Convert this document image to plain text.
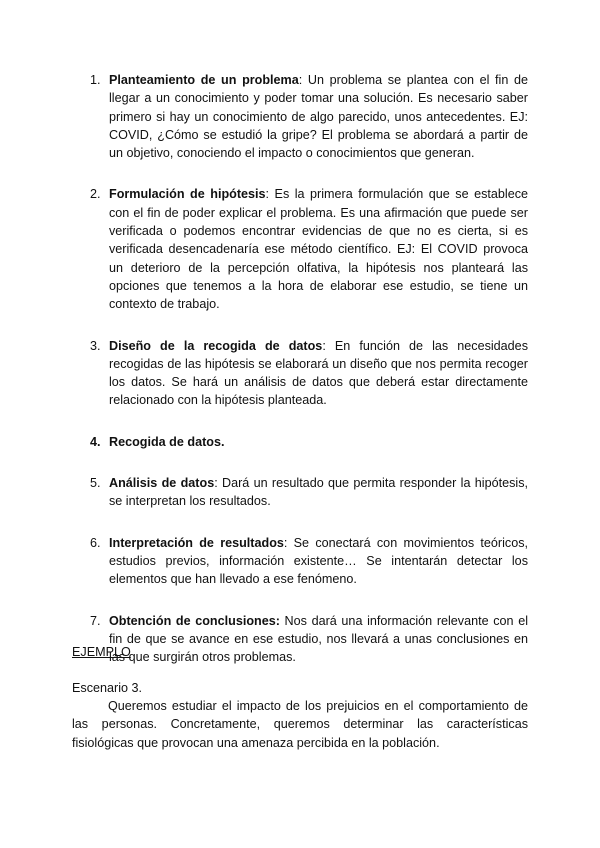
1. Planteamiento de un problema: Un problema se plantea con el fin de llegar a un conocimiento y poder tomar una solución. Es necesario saber primero si hay un conocimiento de algo parecido, unos antecedentes. EJ: COVID, ¿Cómo se estudió la gripe? El problema se abordará a partir de un objetivo, conociendo el impacto o conocimientos que generan.
2. Formulación de hipótesis: Es la primera formulación que se establece con el fin de poder explicar el problema. Es una afirmación que puede ser verificada o podemos encontrar evidencias de que no es cierta, si es verificada desencadenaría ese método científico. EJ: El COVID provoca un deterioro de la percepción olfativa, la hipótesis nos planteará las opciones que tenemos a la hora de elaborar ese estudio, se tiene un contexto de trabajo.
3. Diseño de la recogida de datos: En función de las necesidades recogidas de las hipótesis se elaborará un diseño que nos permita recoger los datos. Se hará un análisis de datos que deberá estar directamente relacionado con la hipótesis planteada.
4. Recogida de datos.
5. Análisis de datos: Dará un resultado que permita responder la hipótesis, se interpretan los resultados.
6. Interpretación de resultados: Se conectará con movimientos teóricos, estudios previos, información existente… Se intentarán detectar los elementos que han llevado a ese fenómeno.
7. Obtención de conclusiones: Nos dará una información relevante con el fin de que se avance en ese estudio, nos llevará a unas conclusiones en las que surgirán otros problemas.

EJEMPLO

Escenario 3.

Queremos estudiar el impacto de los prejuicios en el comportamiento de las personas. Concretamente, queremos determinar las características fisiológicas que provocan una amenaza percibida en la población.
